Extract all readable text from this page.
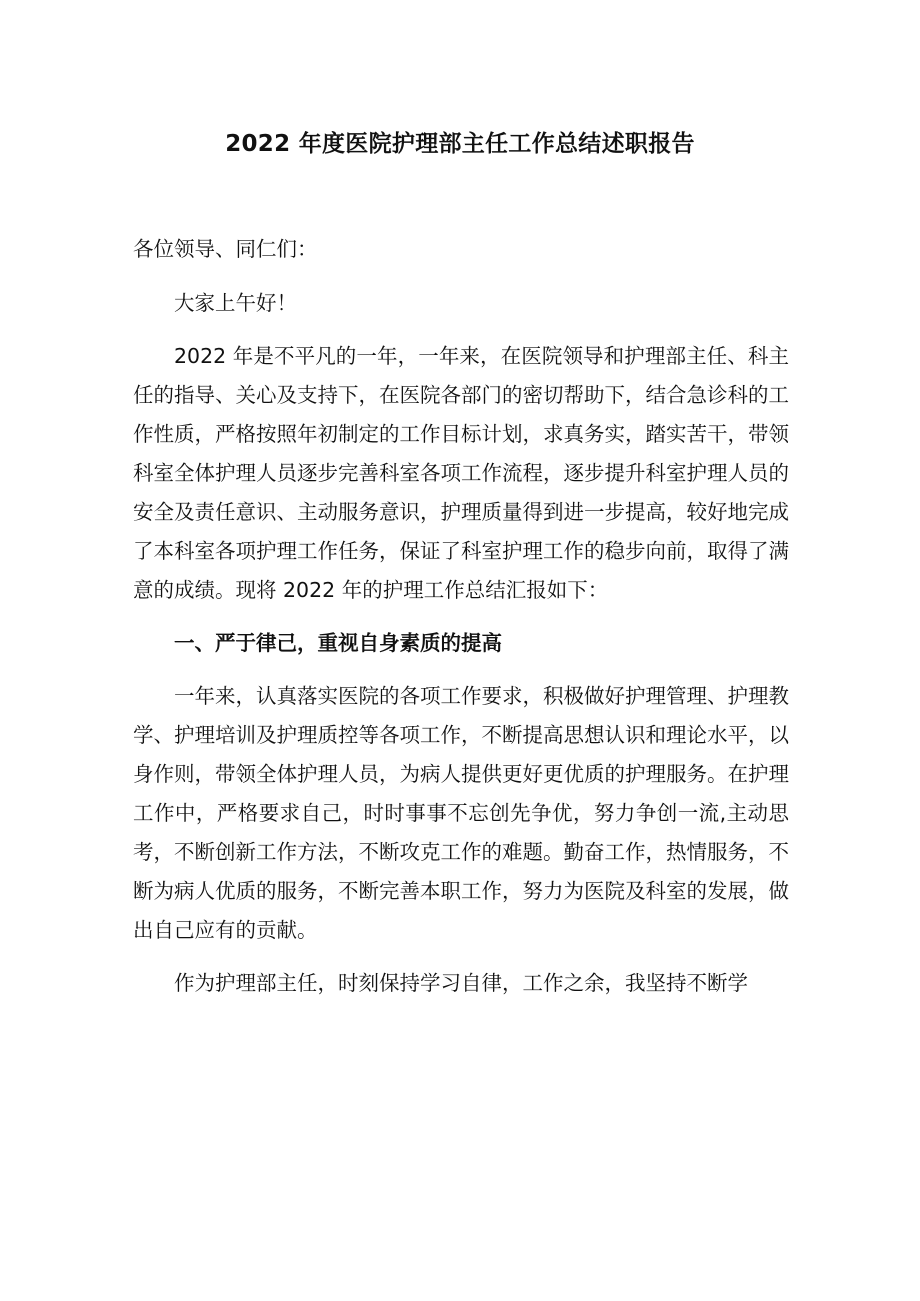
2022 年度医院护理部主任工作总结述职报告

各位领导、同仁们：

大家上午好！

2022 年是不平凡的一年，一年来，在医院领导和护理部主任、科主任的指导、关心及支持下，在医院各部门的密切帮助下，结合急诊科的工作性质，严格按照年初制定的工作目标计划，求真务实，踏实苦干，带领科室全体护理人员逐步完善科室各项工作流程，逐步提升科室护理人员的安全及责任意识、主动服务意识，护理质量得到进一步提高，较好地完成了本科室各项护理工作任务，保证了科室护理工作的稳步向前，取得了满意的成绩。现将 2022 年的护理工作总结汇报如下：

一、严于律己，重视自身素质的提高

一年来，认真落实医院的各项工作要求，积极做好护理管理、护理教学、护理培训及护理质控等各项工作，不断提高思想认识和理论水平，以身作则，带领全体护理人员，为病人提供更好更优质的护理服务。在护理工作中，严格要求自己，时时事事不忘创先争优，努力争创一流,主动思考，不断创新工作方法，不断攻克工作的难题。勤奋工作，热情服务，不断为病人优质的服务，不断完善本职工作，努力为医院及科室的发展，做出自己应有的贡献。

作为护理部主任，时刻保持学习自律，工作之余，我坚持不断学
